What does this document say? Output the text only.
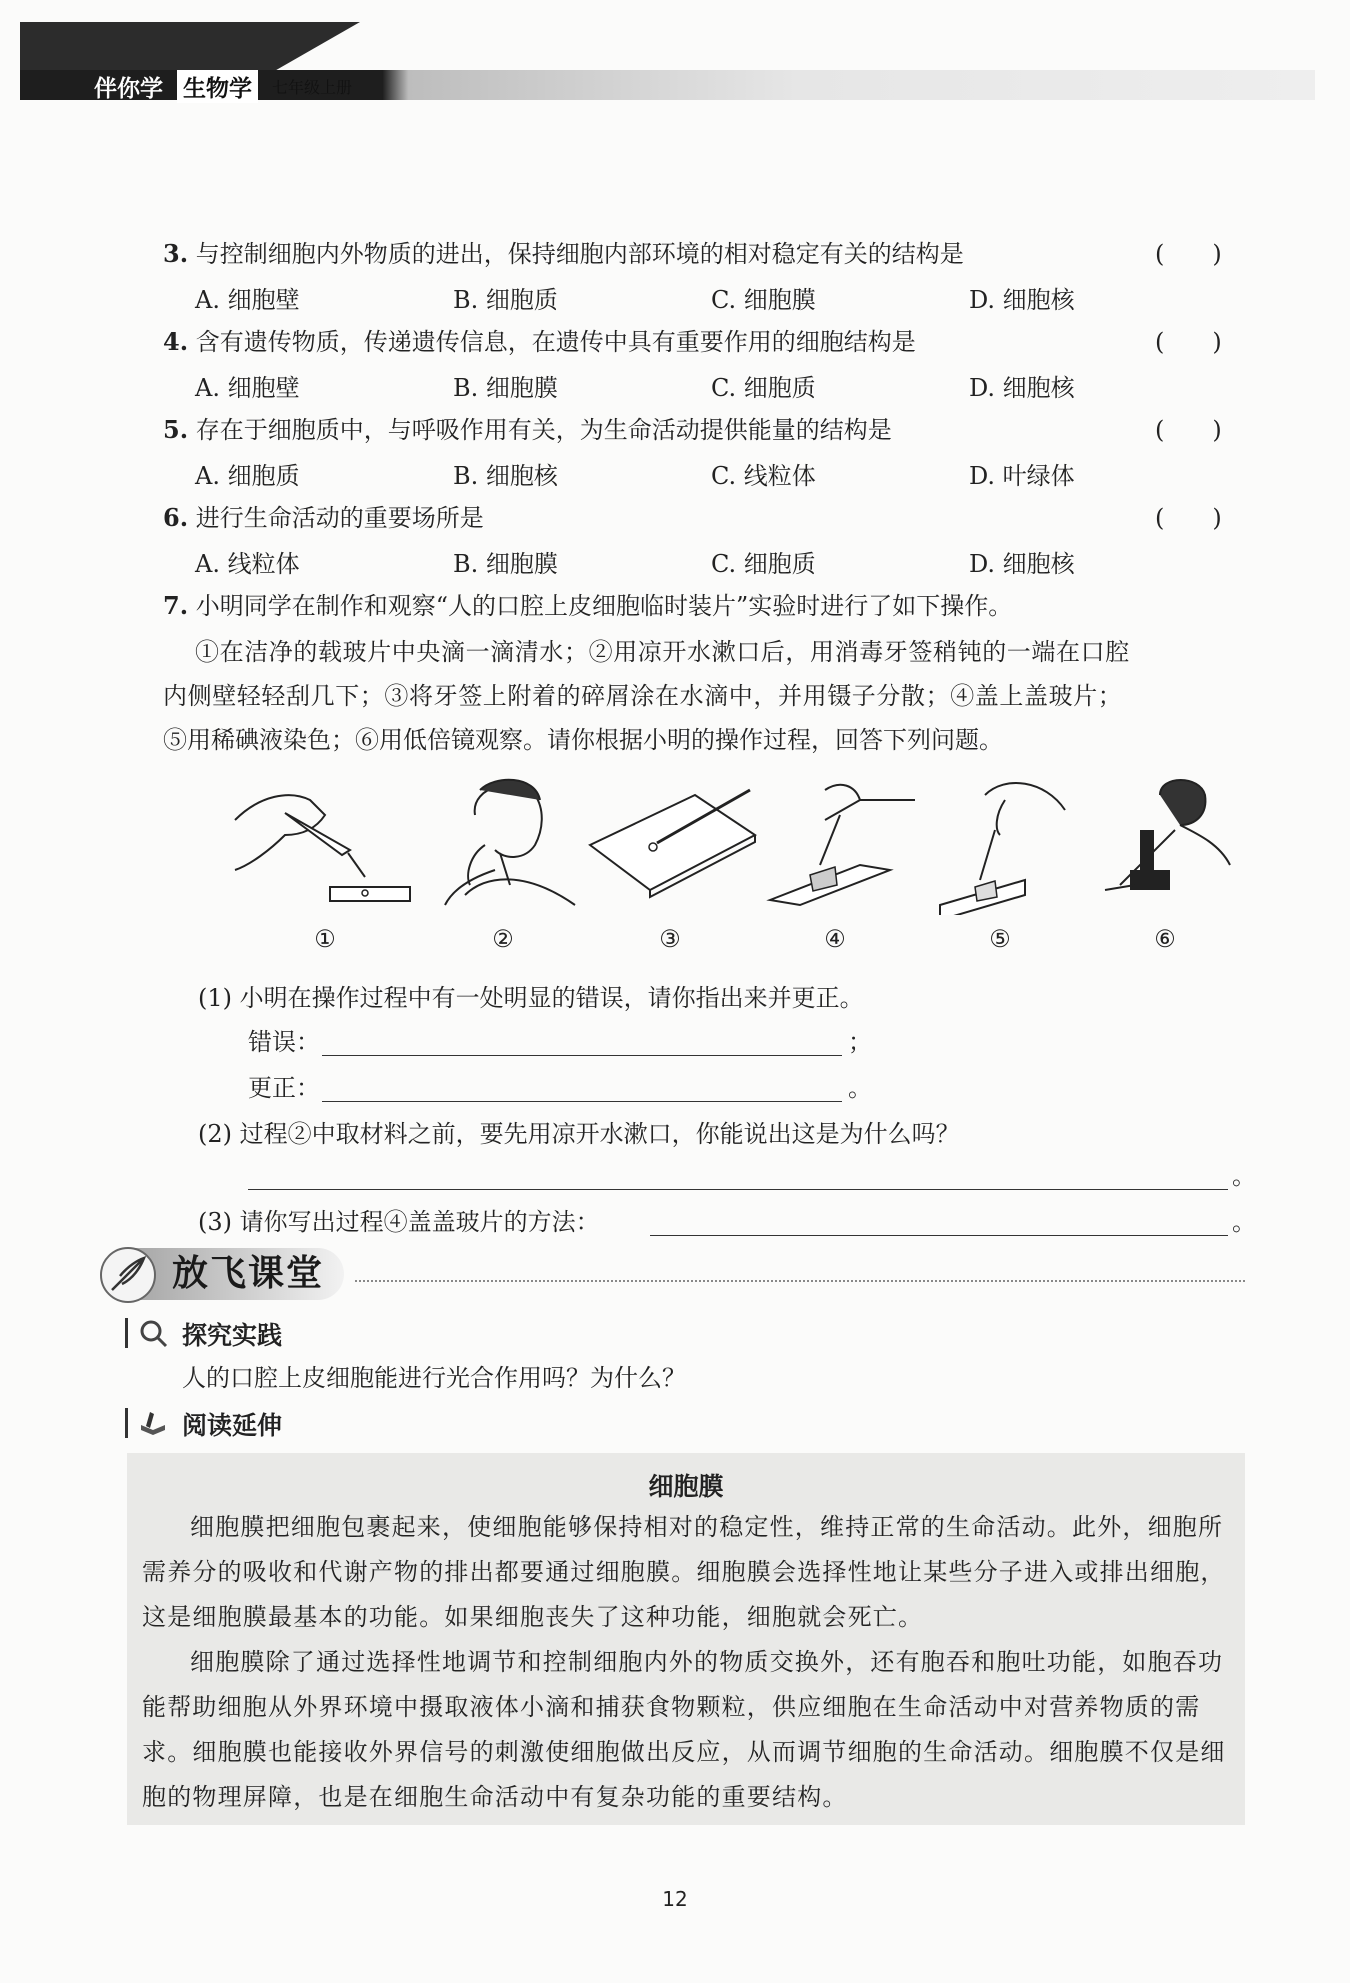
伴你学 生物学	七年级上册
3. 与控制细胞内外物质的进出，保持细胞内部环境的相对稳定有关的结构是	(　　)
A. 细胞壁	B. 细胞质	C. 细胞膜	D. 细胞核
4. 含有遗传物质，传递遗传信息，在遗传中具有重要作用的细胞结构是	(　　)
A. 细胞壁	B. 细胞膜	C. 细胞质	D. 细胞核
5. 存在于细胞质中，与呼吸作用有关，为生命活动提供能量的结构是	(　　)
A. 细胞质	B. 细胞核	C. 线粒体	D. 叶绿体
6. 进行生命活动的重要场所是	(　　)
A. 线粒体	B. 细胞膜	C. 细胞质	D. 细胞核
7. 小明同学在制作和观察“人的口腔上皮细胞临时装片”实验时进行了如下操作。
①在洁净的载玻片中央滴一滴清水；②用凉开水漱口后，用消毒牙签稍钝的一端在口腔
内侧壁轻轻刮几下；③将牙签上附着的碎屑涂在水滴中，并用镊子分散；④盖上盖玻片；
⑤用稀碘液染色；⑥用低倍镜观察。请你根据小明的操作过程，回答下列问题。
①	②	③	④	⑤	⑥
(1) 小明在操作过程中有一处明显的错误，请你指出来并更正。
错误：	；
更正：	。
(2) 过程②中取材料之前，要先用凉开水漱口，你能说出这是为什么吗？
。
(3) 请你写出过程④盖盖玻片的方法：	。
放飞课堂
探究实践
人的口腔上皮细胞能进行光合作用吗？为什么？
阅读延伸
细胞膜
细胞膜把细胞包裹起来，使细胞能够保持相对的稳定性，维持正常的生命活动。此外，细胞所需养分的吸收和代谢产物的排出都要通过细胞膜。细胞膜会选择性地让某些分子进入或排出细胞，这是细胞膜最基本的功能。如果细胞丧失了这种功能，细胞就会死亡。
细胞膜除了通过选择性地调节和控制细胞内外的物质交换外，还有胞吞和胞吐功能，如胞吞功能帮助细胞从外界环境中摄取液体小滴和捕获食物颗粒，供应细胞在生命活动中对营养物质的需求。细胞膜也能接收外界信号的刺激使细胞做出反应，从而调节细胞的生命活动。细胞膜不仅是细胞的物理屏障，也是在细胞生命活动中有复杂功能的重要结构。
12
